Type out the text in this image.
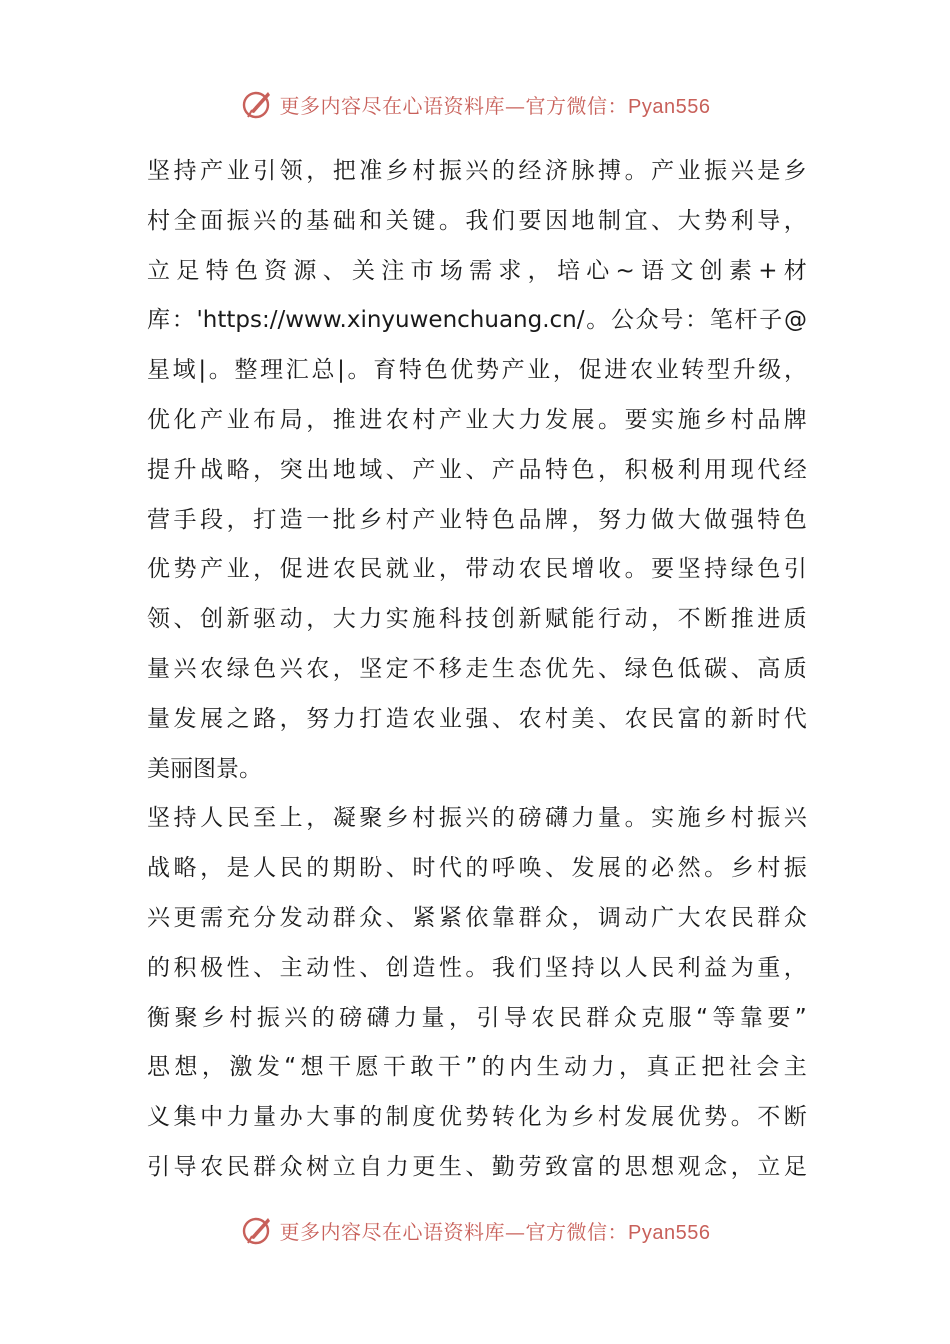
更多内容尽在心语资料库—官方微信：Pyan556
坚 持 产 业 引 领 ， 把 准 乡 村 振 兴 的 经 济 脉 搏 。 产 业 振 兴 是 乡
村 全 面 振 兴 的 基 础 和 关 键 。 我 们 要 因 地 制 宜 、 大 势 利 导 ，
立 足 特 色 资 源 、 关 注 市 场 需 求 ， 培 心 ~ 语 文 创 素 + 材
库 ： 'https://www.xinyuwenchuang.cn/ 。 公 众 号 ： 笔 杆 子 @
星 域 | 。 整 理 汇 总 | 。 育 特 色 优 势 产 业 ， 促 进 农 业 转 型 升 级 ，
优 化 产 业 布 局 ， 推 进 农 村 产 业 大 力 发 展 。 要 实 施 乡 村 品 牌
提 升 战 略 ， 突 出 地 域 、 产 业 、 产 品 特 色 ， 积 极 利 用 现 代 经
营 手 段 ， 打 造 一 批 乡 村 产 业 特 色 品 牌 ， 努 力 做 大 做 强 特 色
优 势 产 业 ， 促 进 农 民 就 业 ， 带 动 农 民 增 收 。 要 坚 持 绿 色 引
领 、 创 新 驱 动 ， 大 力 实 施 科 技 创 新 赋 能 行 动 ， 不 断 推 进 质
量 兴 农 绿 色 兴 农 ， 坚 定 不 移 走 生 态 优 先 、 绿 色 低 碳 、 高 质
量 发 展 之 路 ， 努 力 打 造 农 业 强 、 农 村 美 、 农 民 富 的 新 时 代
美 丽 图 景 。
坚 持 人 民 至 上 ， 凝 聚 乡 村 振 兴 的 磅 礴 力 量 。 实 施 乡 村 振 兴
战 略 ， 是 人 民 的 期 盼 、 时 代 的 呼 唤 、 发 展 的 必 然 。 乡 村 振
兴 更 需 充 分 发 动 群 众 、 紧 紧 依 靠 群 众 ， 调 动 广 大 农 民 群 众
的 积 极 性 、 主 动 性 、 创 造 性 。 我 们 坚 持 以 人 民 利 益 为 重 ，
衡 聚 乡 村 振 兴 的 磅 礴 力 量 ， 引 导 农 民 群 众 克 服 “ 等 靠 要 ”
思 想 ， 激 发 “ 想 干 愿 干 敢 干 ” 的 内 生 动 力 ， 真 正 把 社 会 主
义 集 中 力 量 办 大 事 的 制 度 优 势 转 化 为 乡 村 发 展 优 势 。 不 断
引 导 农 民 群 众 树 立 自 力 更 生 、 勤 劳 致 富 的 思 想 观 念 ， 立 足
更多内容尽在心语资料库—官方微信：Pyan556
